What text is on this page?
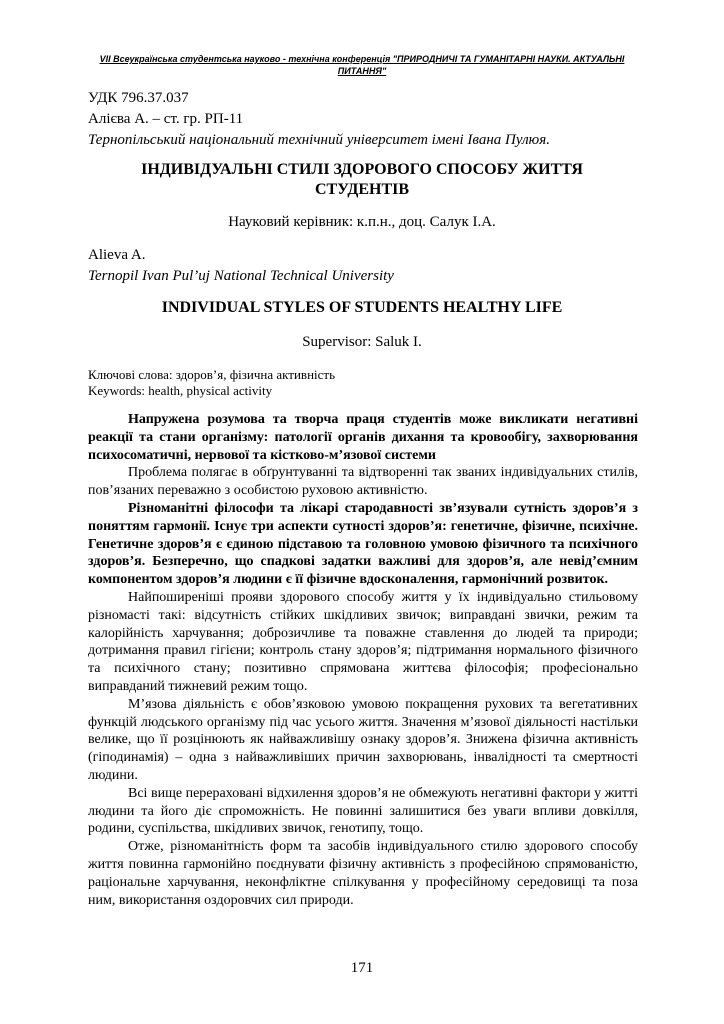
VII Всеукраїнська студентська науково - технічна конференція "ПРИРОДНИЧІ ТА ГУМАНІТАРНІ НАУКИ. АКТУАЛЬНІ ПИТАННЯ"
УДК 796.37.037
Алієва А. – ст. гр. РП-11
Тернопільський національний технічний університет імені Івана Пулюя.
ІНДИВІДУАЛЬНІ СТИЛІ ЗДОРОВОГО СПОСОБУ ЖИТТЯ
СТУДЕНТІВ
Науковий керівник: к.п.н., доц. Салук І.А.
Alieva A.
Ternopil Ivan Pul’uj National Technical University
INDIVIDUAL STYLES OF STUDENTS HEALTHY LIFE
Supervisor: Saluk I.
Ключові слова: здоров’я, фізична активність
Keywords: health, physical activity

Напружена розумова та творча праця студентів може викликати негативні реакції та стани організму: патології органів дихання та кровообігу, захворювання психосоматичні, нервової та кістково-м’язової системи

Проблема полягає в обґрунтуванні та відтворенні так званих індивідуальних стилів, пов’язаних переважно з особистою руховою активністю.

Різноманітні філософи та лікарі стародавності зв’язували сутність здоров’я з поняттям гармонії. Існує три аспекти сутності здоров’я: генетичне, фізичне, психічне. Генетичне здоров’я є єдиною підставою та головною умовою фізичного та психічного здоров’я. Безперечно, що спадкові задатки важливі для здоров’я, але невід’ємним компонентом здоров’я людини є її фізичне вдосконалення, гармонічний розвиток.

Найпоширеніші прояви здорового способу життя у їх індивідуально стильовому різномасті такі: відсутність стійких шкідливих звичок; виправдані звички, режим та калорійність харчування; доброзичливе та поважне ставлення до людей та природи; дотримання правил гігієни; контроль стану здоров’я; підтримання нормального фізичного та психічного стану; позитивно спрямована життєва філософія; професіонально виправданий тижневий режим тощо.

М’язова діяльність є обов’язковою умовою покращення рухових та вегетативних функцій людського організму під час усього життя. Значення м’язової діяльності настільки велике, що її розцінюють як найважливішу ознаку здоров’я. Знижена фізична активність (гіподинамія) – одна з найважливіших причин захворювань, інвалідності та смертності людини.

Всі вище перераховані відхилення здоров’я не обмежують негативні фактори у житті людини та його діє спроможність. Не повинні залишитися без уваги впливи довкілля, родини, суспільства, шкідливих звичок, генотипу, тощо.

Отже, різноманітність форм та засобів індивідуального стилю здорового способу життя повинна гармонійно поєднувати фізичну активність з професійною спрямованістю, раціональне харчування, неконфліктне спілкування у професійному середовищі та поза ним, використання оздоровчих сил природи.

171
